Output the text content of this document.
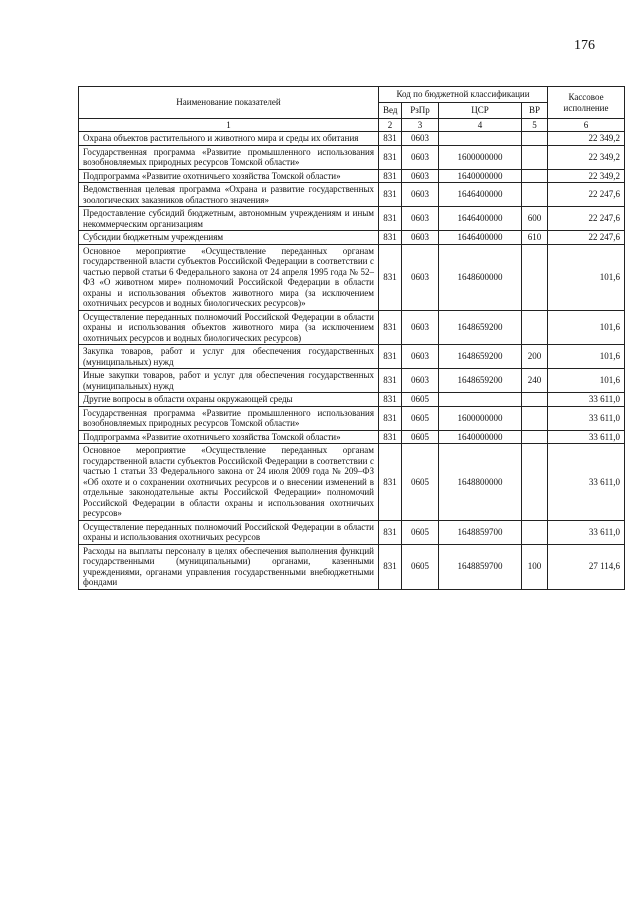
176
Наименование показателей	Код по бюджетной классификации				Кассовое исполнение
	Вед	РзПр	ЦСР	ВР	
1	2	3	4	5	6
Охрана объектов растительного и животного мира и среды их обитания	831	0603			22 349,2
Государственная программа «Развитие промышленного использования возобновляемых природных ресурсов Томской области»	831	0603	1600000000		22 349,2
Подпрограмма «Развитие охотничьего хозяйства Томской области»	831	0603	1640000000		22 349,2
Ведомственная целевая программа «Охрана и развитие государственных зоологических заказников областного значения»	831	0603	1646400000		22 247,6
Предоставление субсидий бюджетным, автономным учреждениям и иным некоммерческим организациям	831	0603	1646400000	600	22 247,6
Субсидии бюджетным учреждениям	831	0603	1646400000	610	22 247,6
Основное мероприятие «Осуществление переданных органам государственной власти субъектов Российской Федерации в соответствии с частью первой статьи 6 Федерального закона от 24 апреля 1995 года № 52–ФЗ «О животном мире» полномочий Российской Федерации в области охраны и использования объектов животного мира (за исключением охотничьих ресурсов и водных биологических ресурсов)»	831	0603	1648600000		101,6
Осуществление переданных полномочий Российской Федерации в области охраны и использования объектов животного мира (за исключением охотничьих ресурсов и водных биологических ресурсов)	831	0603	1648659200		101,6
Закупка товаров, работ и услуг для обеспечения государственных (муниципальных) нужд	831	0603	1648659200	200	101,6
Иные закупки товаров, работ и услуг для обеспечения государственных (муниципальных) нужд	831	0603	1648659200	240	101,6
Другие вопросы в области охраны окружающей среды	831	0605			33 611,0
Государственная программа «Развитие промышленного использования возобновляемых природных ресурсов Томской области»	831	0605	1600000000		33 611,0
Подпрограмма «Развитие охотничьего хозяйства Томской области»	831	0605	1640000000		33 611,0
Основное мероприятие «Осуществление переданных органам государственной власти субъектов Российской Федерации в соответствии с частью 1 статьи 33 Федерального закона от 24 июля 2009 года № 209–ФЗ «Об охоте и о сохранении охотничьих ресурсов и о внесении изменений в отдельные законодательные акты Российской Федерации» полномочий Российской Федерации в области охраны и использования охотничьих ресурсов»	831	0605	1648800000		33 611,0
Осуществление переданных полномочий Российской Федерации в области охраны и использования охотничьих ресурсов	831	0605	1648859700		33 611,0
Расходы на выплаты персоналу в целях обеспечения выполнения функций государственными (муниципальными) органами, казенными учреждениями, органами управления государственными внебюджетными фондами	831	0605	1648859700	100	27 114,6
